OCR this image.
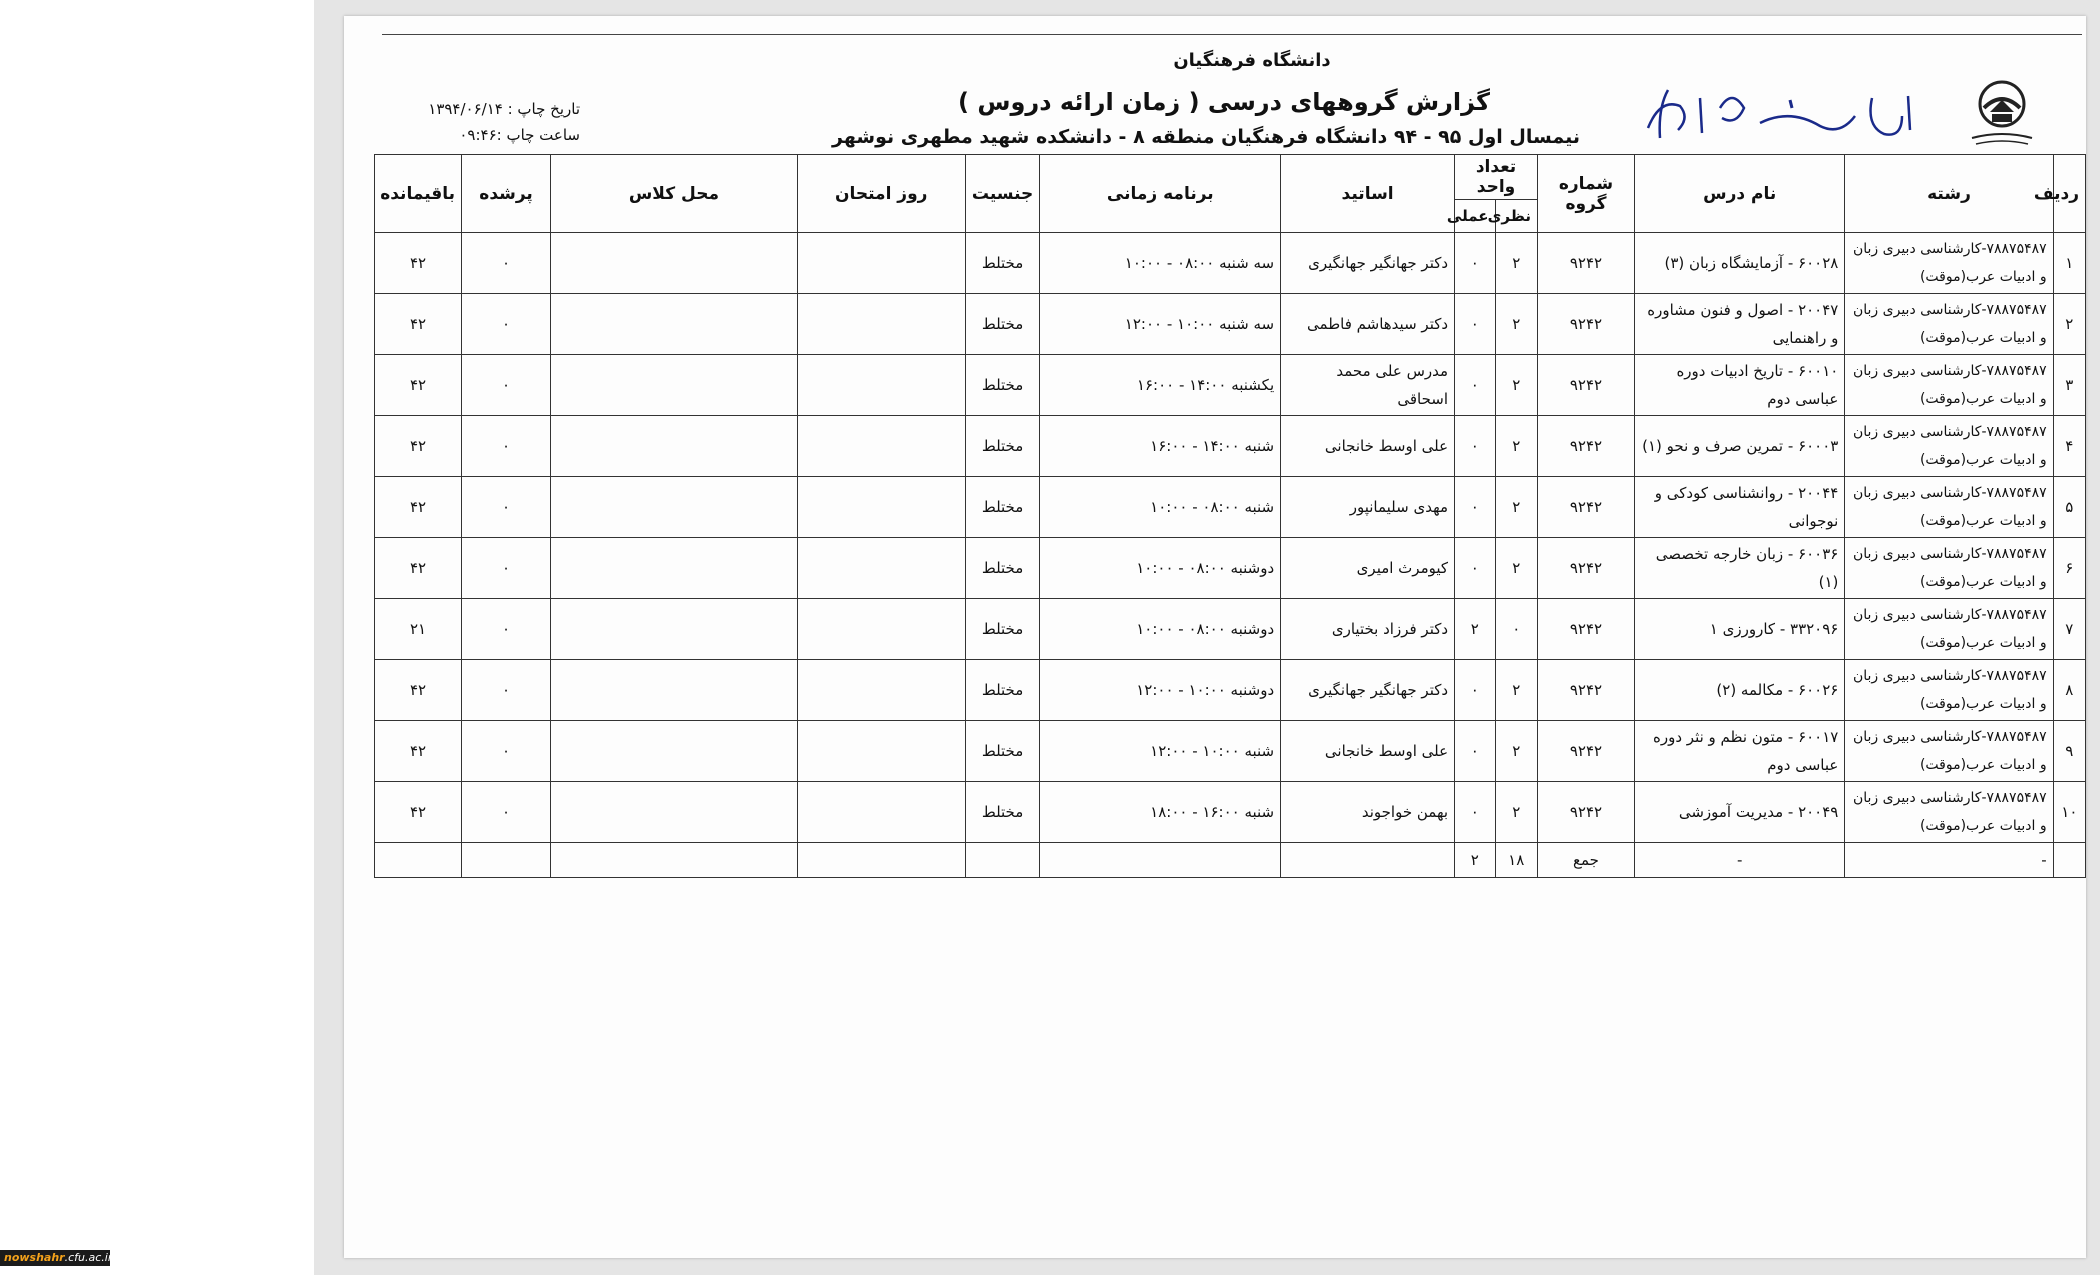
دانشگاه فرهنگیان
گزارش گروههای درسی ( زمان ارائه دروس )
نیمسال اول ۹۵ - ۹۴ دانشگاه فرهنگیان منطقه ۸ - دانشکده شهید مطهری نوشهر
تاریخ چاپ : ۱۳۹۴/۰۶/۱۴
ساعت چاپ :۰۹:۴۶
ردیف	رشته	نام درس	شماره گروه	تعداد واحد		اساتید	برنامه زمانی	جنسیت	روز امتحان	محل کلاس	پرشده	باقیمانده
				نظری	عملی							
۱	۷۸۸۷۵۴۸۷-کارشناسی دبیری زبان و ادبیات عرب(موقت)	۶۰۰۲۸ - آزمایشگاه زبان (۳)	۹۲۴۲	۲	۰	دکتر جهانگیر جهانگیری	سه شنبه ۰۸:۰۰ - ۱۰:۰۰	مختلط			۰	۴۲
۲	۷۸۸۷۵۴۸۷-کارشناسی دبیری زبان و ادبیات عرب(موقت)	۲۰۰۴۷ - اصول و فنون مشاوره و راهنمایی	۹۲۴۲	۲	۰	دکتر سیدهاشم فاطمی	سه شنبه ۱۰:۰۰ - ۱۲:۰۰	مختلط			۰	۴۲
۳	۷۸۸۷۵۴۸۷-کارشناسی دبیری زبان و ادبیات عرب(موقت)	۶۰۰۱۰ - تاریخ ادبیات دوره عباسی دوم	۹۲۴۲	۲	۰	مدرس علی محمد اسحاقی	یکشنبه ۱۴:۰۰ - ۱۶:۰۰	مختلط			۰	۴۲
۴	۷۸۸۷۵۴۸۷-کارشناسی دبیری زبان و ادبیات عرب(موقت)	۶۰۰۰۳ - تمرین صرف و نحو (۱)	۹۲۴۲	۲	۰	علی اوسط خانجانی	شنبه ۱۴:۰۰ - ۱۶:۰۰	مختلط			۰	۴۲
۵	۷۸۸۷۵۴۸۷-کارشناسی دبیری زبان و ادبیات عرب(موقت)	۲۰۰۴۴ - روانشناسی کودکی و نوجوانی	۹۲۴۲	۲	۰	مهدی سلیمانپور	شنبه ۰۸:۰۰ - ۱۰:۰۰	مختلط			۰	۴۲
۶	۷۸۸۷۵۴۸۷-کارشناسی دبیری زبان و ادبیات عرب(موقت)	۶۰۰۳۶ - زبان خارجه تخصصی (۱)	۹۲۴۲	۲	۰	کیومرث امیری	دوشنبه ۰۸:۰۰ - ۱۰:۰۰	مختلط			۰	۴۲
۷	۷۸۸۷۵۴۸۷-کارشناسی دبیری زبان و ادبیات عرب(موقت)	۳۳۲۰۹۶ - کارورزی ۱	۹۲۴۲	۰	۲	دکتر فرزاد بختیاری	دوشنبه ۰۸:۰۰ - ۱۰:۰۰	مختلط			۰	۲۱
۸	۷۸۸۷۵۴۸۷-کارشناسی دبیری زبان و ادبیات عرب(موقت)	۶۰۰۲۶ - مکالمه (۲)	۹۲۴۲	۲	۰	دکتر جهانگیر جهانگیری	دوشنبه ۱۰:۰۰ - ۱۲:۰۰	مختلط			۰	۴۲
۹	۷۸۸۷۵۴۸۷-کارشناسی دبیری زبان و ادبیات عرب(موقت)	۶۰۰۱۷ - متون نظم و نثر دوره عباسی دوم	۹۲۴۲	۲	۰	علی اوسط خانجانی	شنبه ۱۰:۰۰ - ۱۲:۰۰	مختلط			۰	۴۲
۱۰	۷۸۸۷۵۴۸۷-کارشناسی دبیری زبان و ادبیات عرب(موقت)	۲۰۰۴۹ - مدیریت آموزشی	۹۲۴۲	۲	۰	بهمن خواجوند	شنبه ۱۶:۰۰ - ۱۸:۰۰	مختلط			۰	۴۲
	-	-	جمع	۱۸	۲							
nowshahr.cfu.ac.ir
